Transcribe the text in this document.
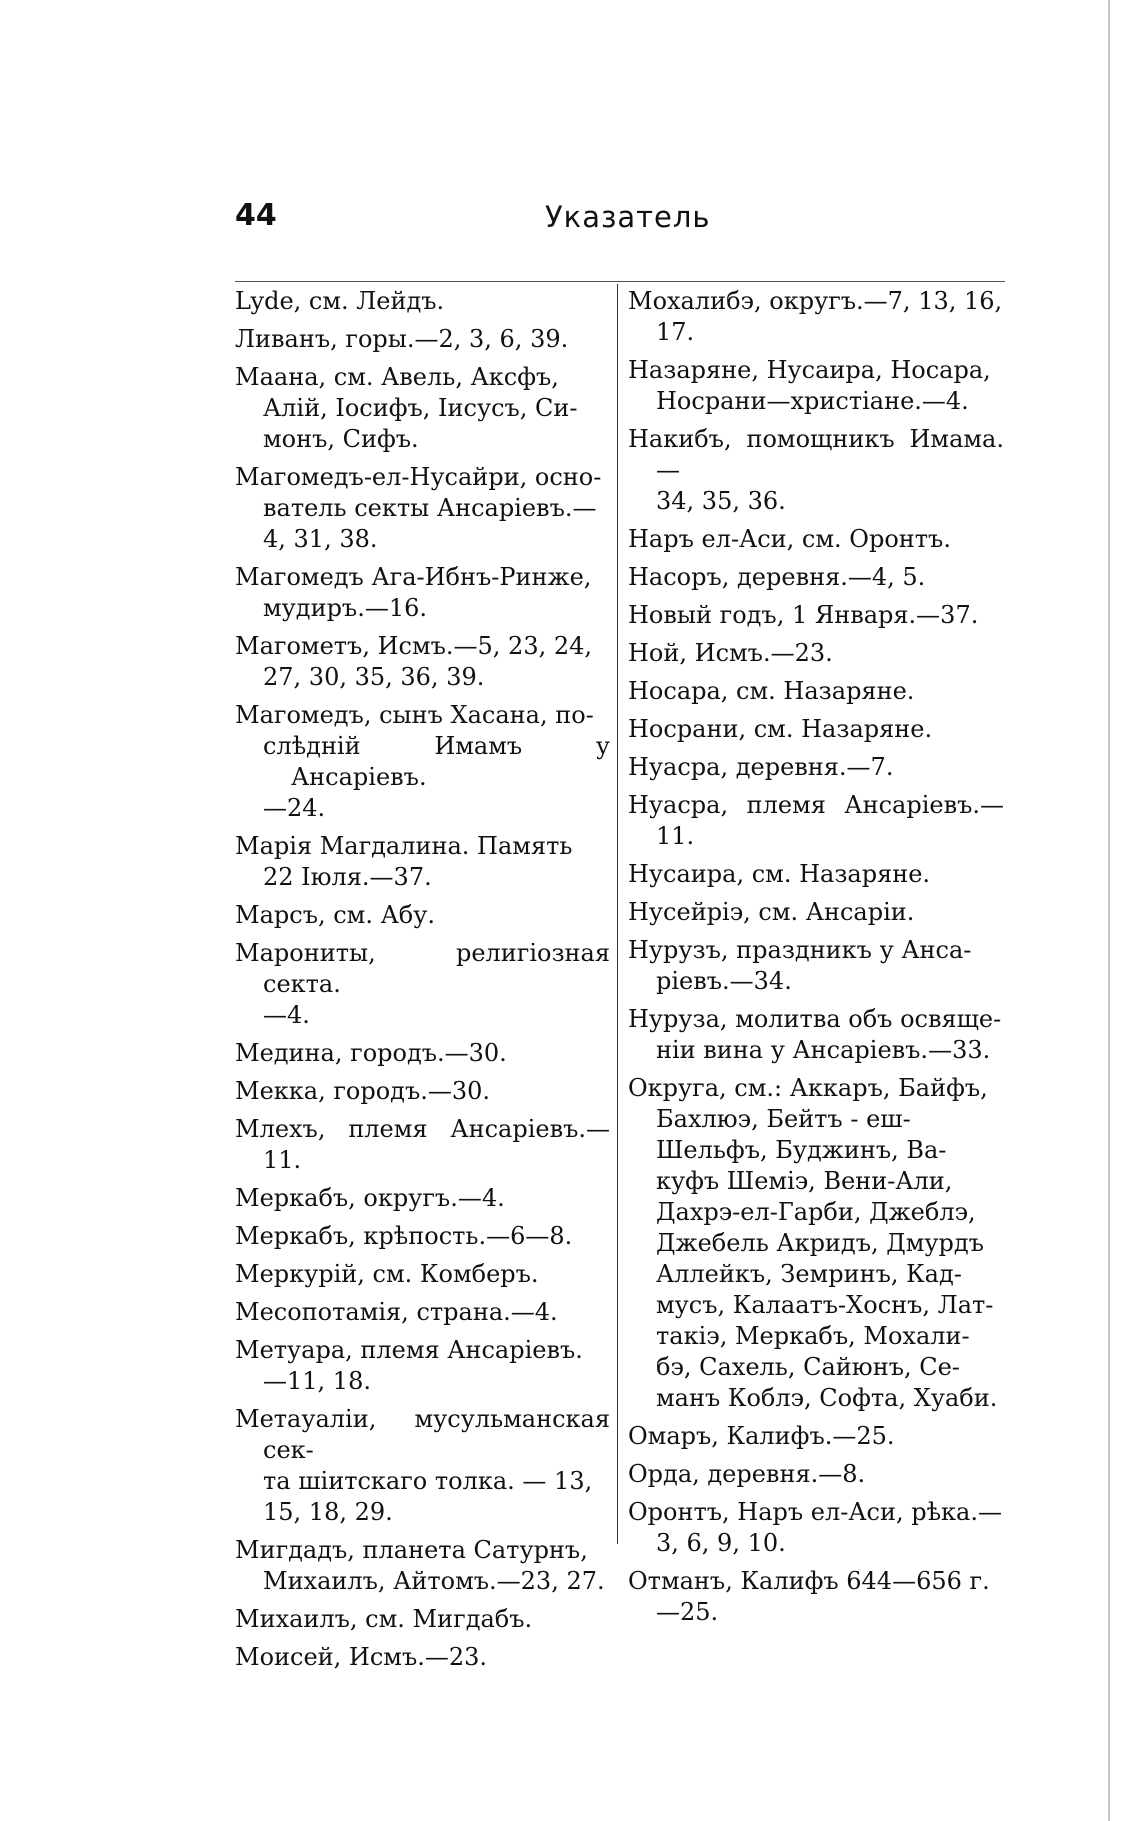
44	Указатель
Lyde, см. Лейдъ.
Ливанъ, горы.—2, 3, 6, 39.
Маана, см. Авель, Аксфъ,
Алій, Іосифъ, Іисусъ, Си-
монъ, Сифъ.
Магомедъ-ел-Нусайри, осно-
ватель секты Ансаріевъ.—
4, 31, 38.
Магомедъ Ага-Ибнъ-Ринже,
мудиръ.—16.
Магометъ, Исмъ.—5, 23, 24,
27, 30, 35, 36, 39.
Магомедъ, сынъ Хасана, по-
слѣдній Имамъ у Ансаріевъ.
—24.
Марія Магдалина. Память
22 Іюля.—37.
Марсъ, см. Абу.
Марониты, религіозная секта.
—4.
Медина, городъ.—30.
Мекка, городъ.—30.
Млехъ, племя Ансаріевъ.—11.
Меркабъ, округъ.—4.
Меркабъ, крѣпость.—6—8.
Меркурій, см. Комберъ.
Месопотамія, страна.—4.
Метуара, племя Ансаріевъ.
—11, 18.
Метауаліи, мусульманская сек-
та шіитскаго толка. — 13,
15, 18, 29.
Мигдадъ, планета Сатурнъ,
Михаилъ, Айтомъ.—23, 27.
Михаилъ, см. Мигдабъ.
Моисей, Исмъ.—23.
Мохалибэ, округъ.—7, 13, 16,
17.
Назаряне, Нусаира, Носара,
Носрани—христіане.—4.
Накибъ, помощникъ Имама.—
34, 35, 36.
Наръ ел-Аси, см. Оронтъ.
Насоръ, деревня.—4, 5.
Новый годъ, 1 Января.—37.
Ной, Исмъ.—23.
Носара, см. Назаряне.
Носрани, см. Назаряне.
Нуасра, деревня.—7.
Нуасра, племя Ансаріевъ.—11.
Нусаира, см. Назаряне.
Нусейріэ, см. Ансаріи.
Нурузъ, праздникъ у Анса-
ріевъ.—34.
Нуруза, молитва объ освяще-
ніи вина у Ансаріевъ.—33.
Округа, см.: Аккаръ, Байфъ,
Бахлюэ, Бейтъ - еш-
Шельфъ, Буджинъ, Ва-
куфъ Шеміэ, Вени-Али,
Дахрэ-ел-Гарби, Джеблэ,
Джебель Акридъ, Дмурдъ
Аллейкъ, Земринъ, Кад-
мусъ, Калаатъ-Хоснъ, Лат-
такіэ, Меркабъ, Мохали-
бэ, Сахель, Сайюнъ, Се-
манъ Коблэ, Софта, Хуаби.
Омаръ, Калифъ.—25.
Орда, деревня.—8.
Оронтъ, Наръ ел-Аси, рѣка.—
3, 6, 9, 10.
Отманъ, Калифъ 644—656 г.
—25.
